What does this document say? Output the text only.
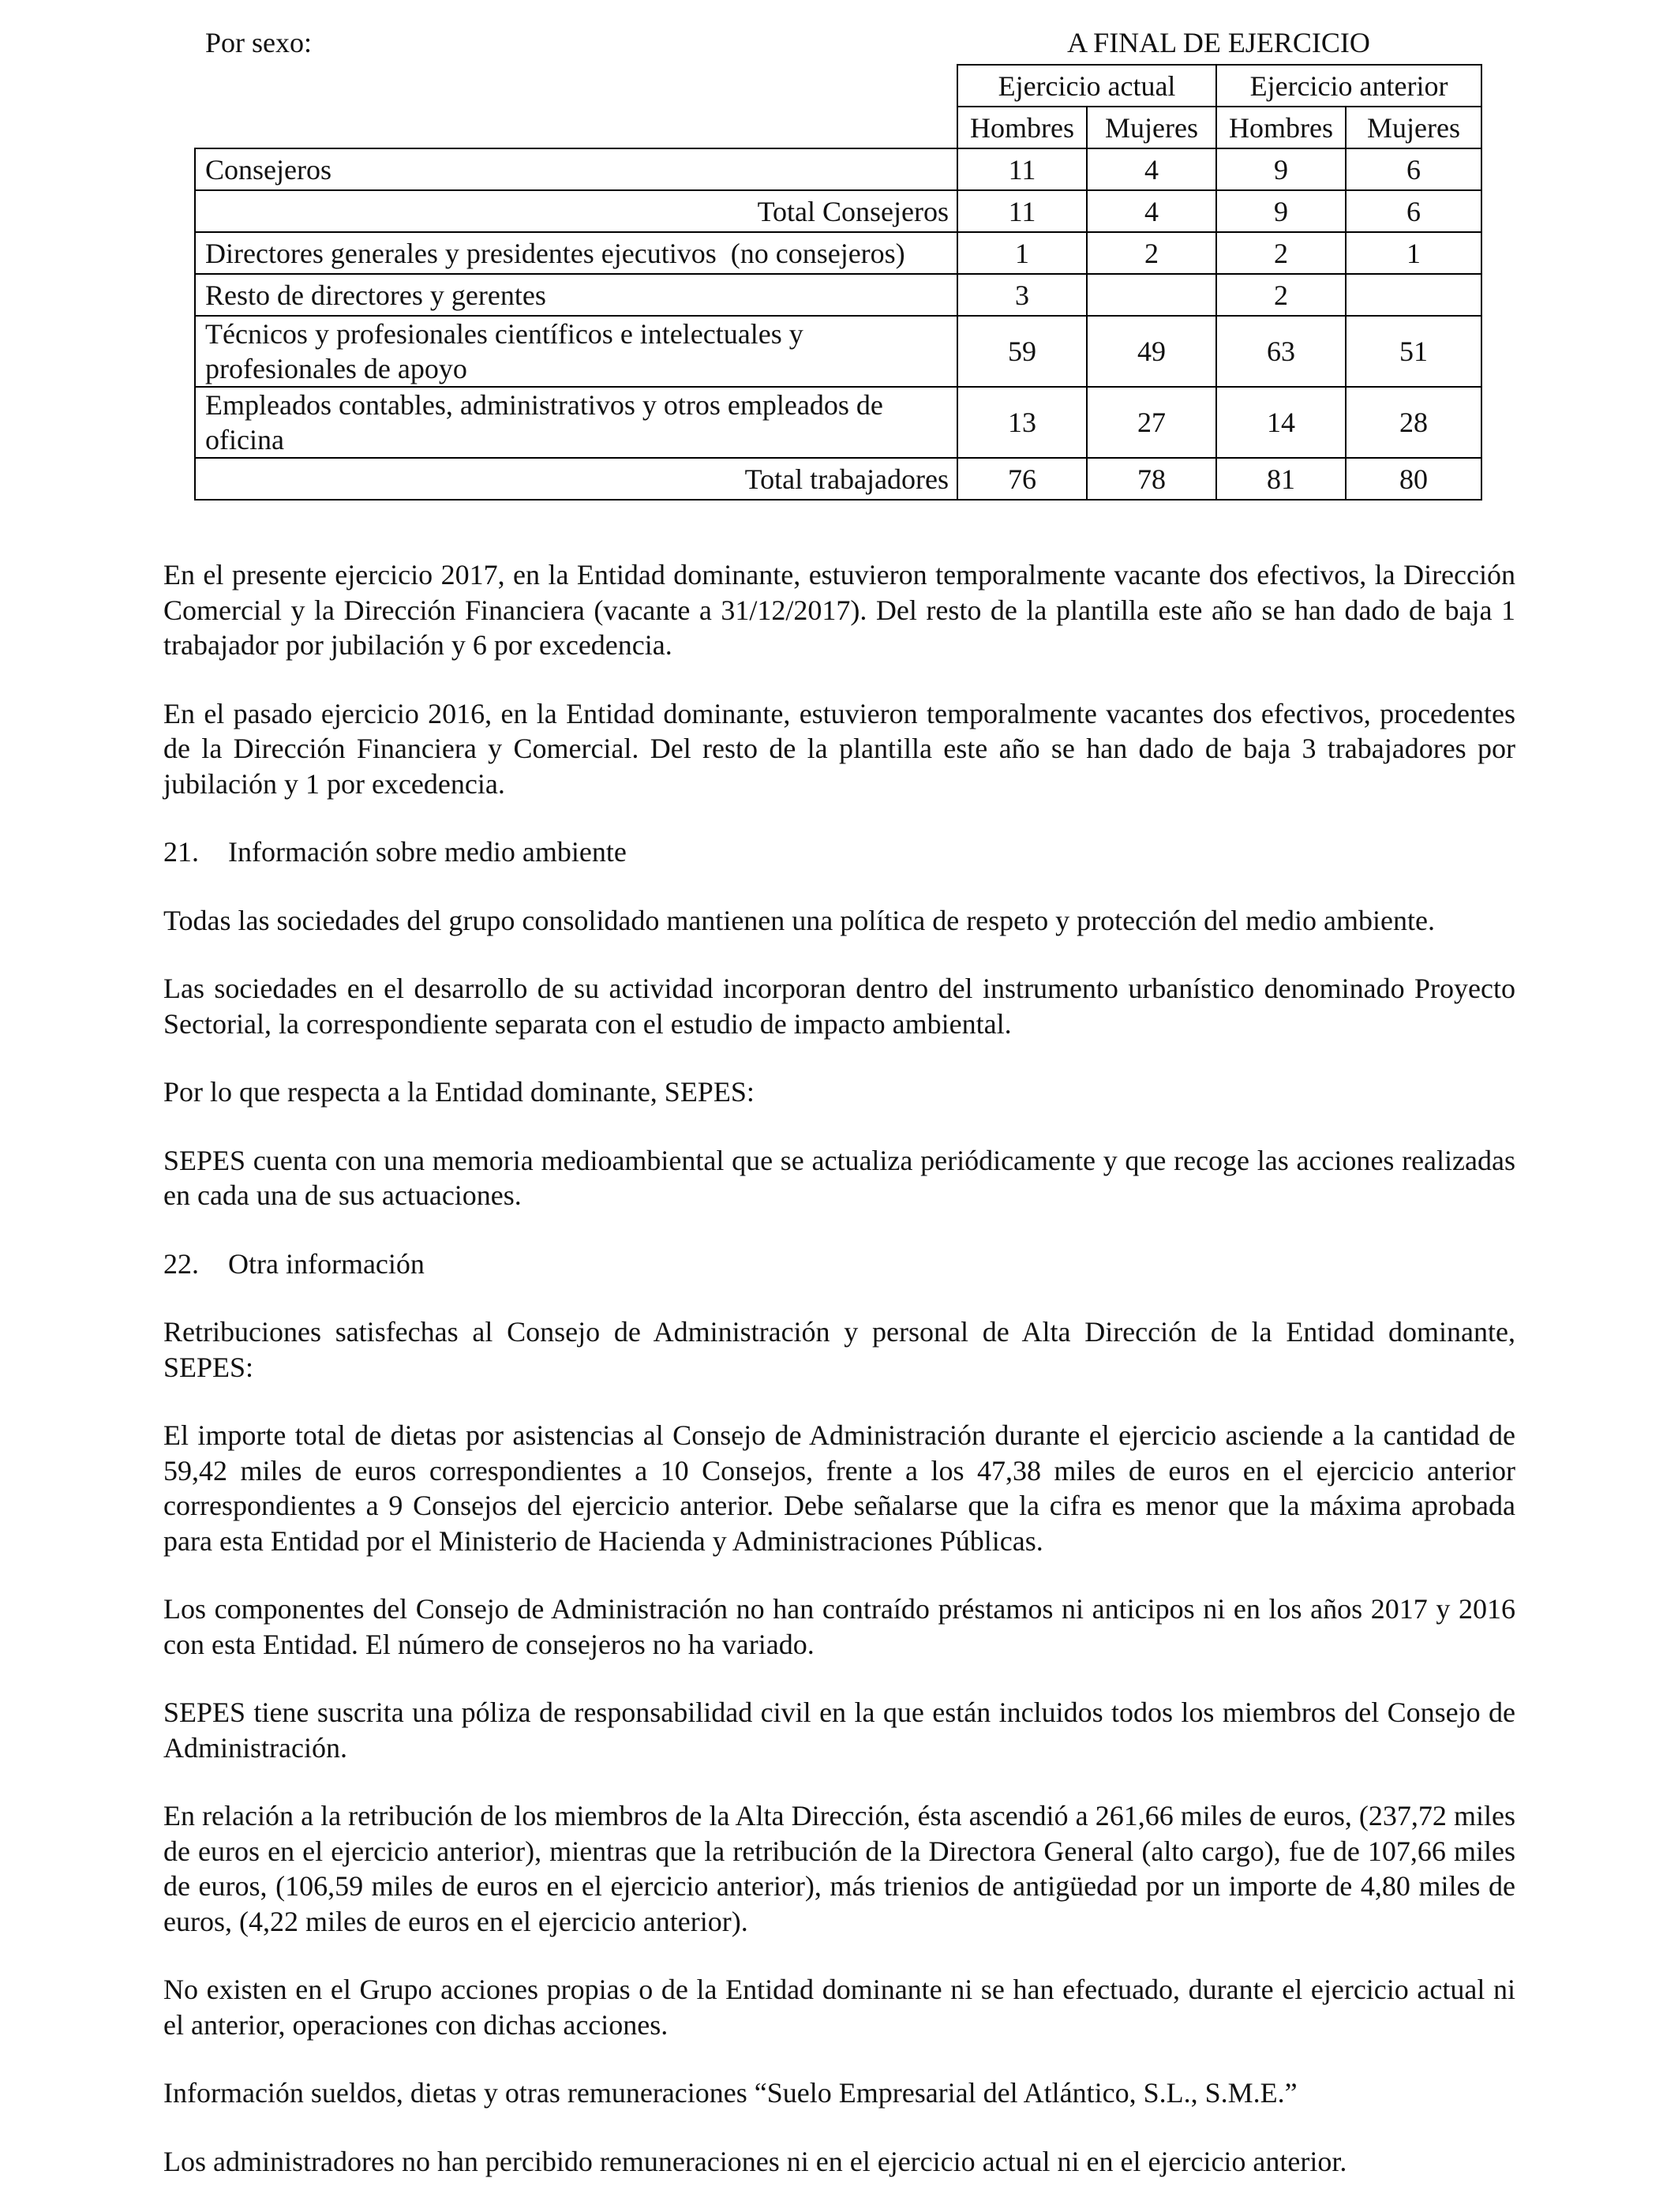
Por sexo:	A FINAL DE EJERCICIO
	Ejercicio actual		Ejercicio anterior	
	Hombres	Mujeres	Hombres	Mujeres
Consejeros	11	4	9	6
Total Consejeros	11	4	9	6
Directores generales y presidentes ejecutivos  (no consejeros)	1	2	2	1
Resto de directores y gerentes	3		2	
Técnicos y profesionales científicos e intelectuales y profesionales de apoyo	59	49	63	51
Empleados contables, administrativos y otros empleados de oficina	13	27	14	28
Total trabajadores	76	78	81	80

En el presente ejercicio 2017, en la Entidad dominante, estuvieron temporalmente vacante dos efectivos, la Dirección Comercial y la Dirección Financiera (vacante a 31/12/2017). Del resto de la plantilla este año se han dado de baja 1 trabajador por jubilación y 6 por excedencia.

En el pasado ejercicio 2016, en la Entidad dominante, estuvieron temporalmente vacantes dos efectivos, procedentes de la Dirección Financiera y Comercial. Del resto de la plantilla este año se han dado de baja 3 trabajadores por jubilación y 1 por excedencia.

21. Información sobre medio ambiente

Todas las sociedades del grupo consolidado mantienen una política de respeto y protección del medio ambiente.

Las sociedades en el desarrollo de su actividad incorporan dentro del instrumento urbanístico denominado Proyecto Sectorial, la correspondiente separata con el estudio de impacto ambiental.

Por lo que respecta a la Entidad dominante, SEPES:

SEPES cuenta con una memoria medioambiental que se actualiza periódicamente y que recoge las acciones realizadas en cada una de sus actuaciones.

22. Otra información

Retribuciones satisfechas al Consejo de Administración y personal de Alta Dirección de la Entidad dominante, SEPES:

El importe total de dietas por asistencias al Consejo de Administración durante el ejercicio asciende a la cantidad de 59,42 miles de euros correspondientes a 10 Consejos, frente a los 47,38 miles de euros en el ejercicio anterior correspondientes a 9 Consejos del ejercicio anterior. Debe señalarse que la cifra es menor que la máxima aprobada para esta Entidad por el Ministerio de Hacienda y Administraciones Públicas.

Los componentes del Consejo de Administración no han contraído préstamos ni anticipos ni en los años 2017 y 2016 con esta Entidad. El número de consejeros no ha variado.

SEPES tiene suscrita una póliza de responsabilidad civil en la que están incluidos todos los miembros del Consejo de Administración.

En relación a la retribución de los miembros de la Alta Dirección, ésta ascendió a 261,66 miles de euros, (237,72 miles de euros en el ejercicio anterior), mientras que la retribución de la Directora General (alto cargo), fue de 107,66 miles de euros, (106,59 miles de euros en el ejercicio anterior), más trienios de antigüedad por un importe de 4,80 miles de euros, (4,22 miles de euros en el ejercicio anterior).

No existen en el Grupo acciones propias o de la Entidad dominante ni se han efectuado, durante el ejercicio actual ni el anterior, operaciones con dichas acciones.

Información sueldos, dietas y otras remuneraciones “Suelo Empresarial del Atlántico, S.L., S.M.E.”

Los administradores no han percibido remuneraciones ni en el ejercicio actual ni en el ejercicio anterior.
